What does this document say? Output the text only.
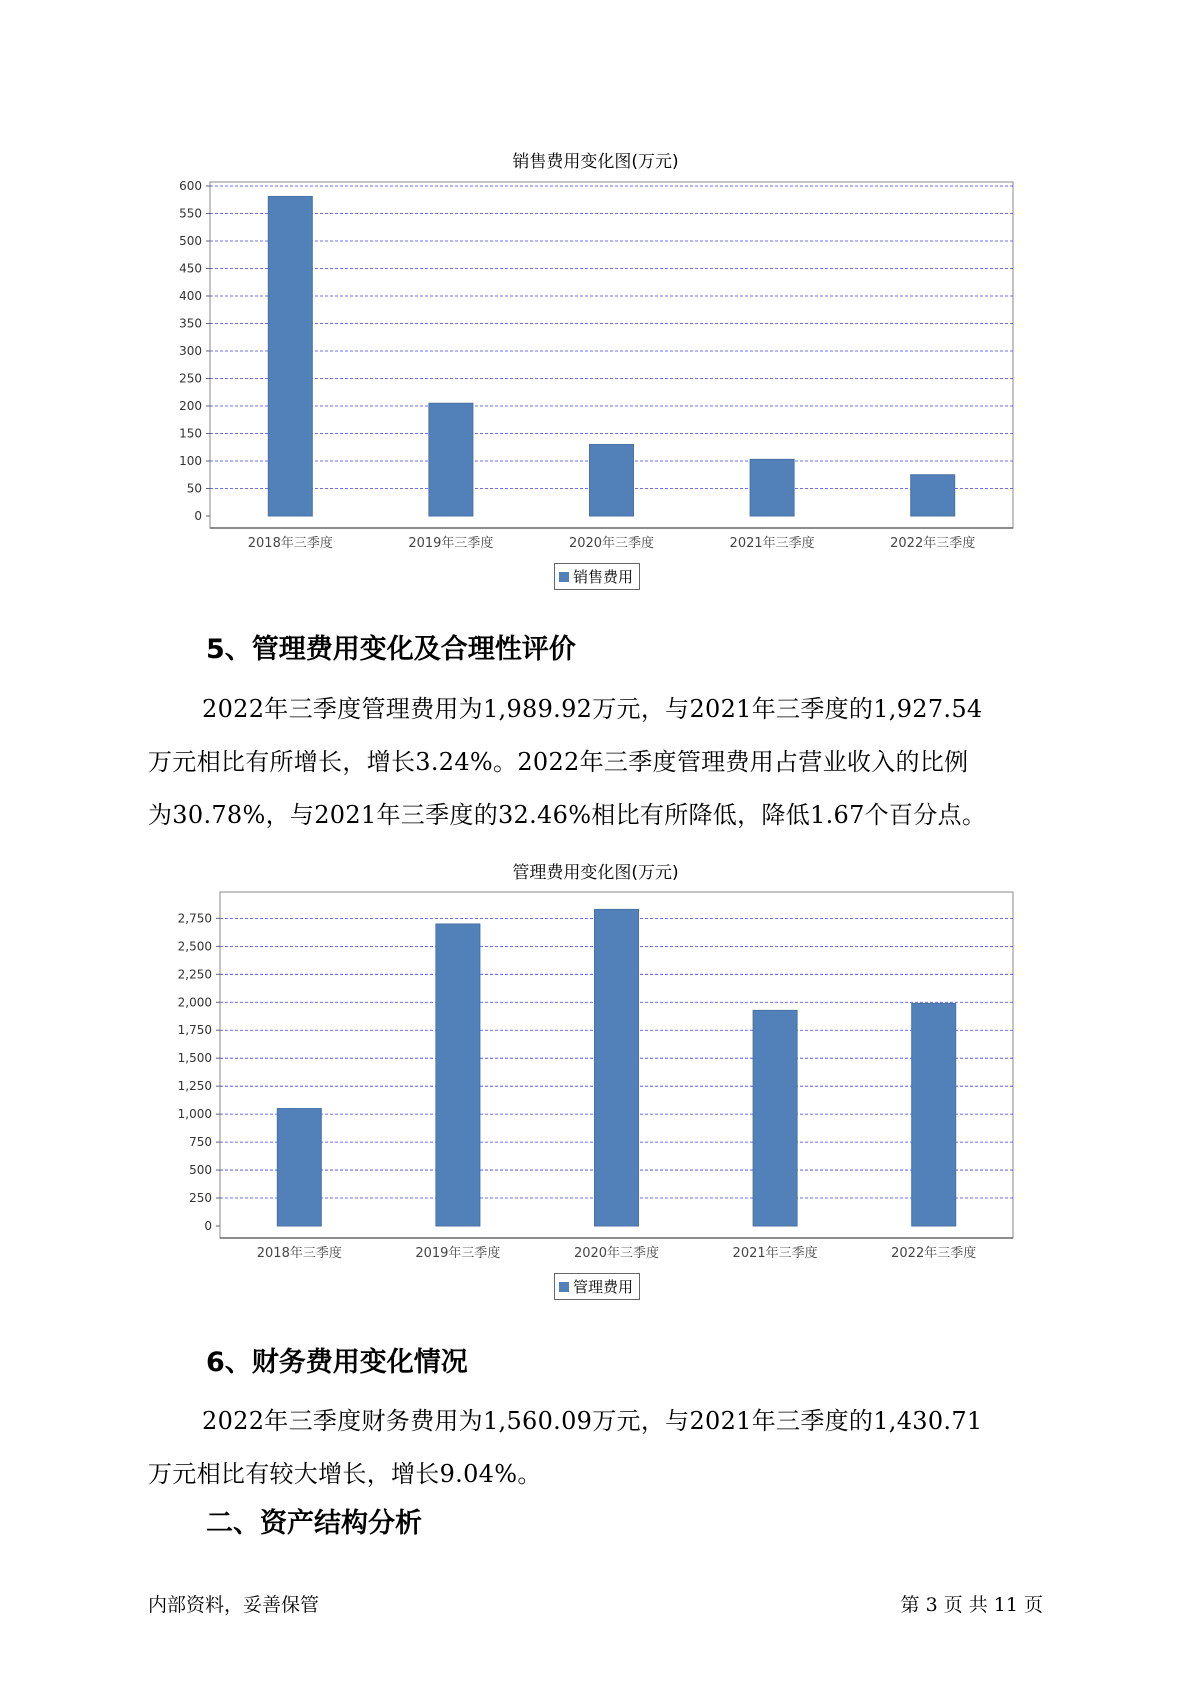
销售费用变化图(万元)
0
50
100
150
200
250
300
350
400
450
500
550
600
2018年三季度	2019年三季度	2020年三季度	2021年三季度	2022年三季度
销售费用
5、管理费用变化及合理性评价
2022年三季度管理费用为1,989.92万元，与2021年三季度的1,927.54
万元相比有所增长，增长3.24%。2022年三季度管理费用占营业收入的比例
为30.78%，与2021年三季度的32.46%相比有所降低，降低1.67个百分点。
管理费用变化图(万元)
0
250
500
750
1,000
1,250
1,500
1,750
2,000
2,250
2,500
2,750
2018年三季度	2019年三季度	2020年三季度	2021年三季度	2022年三季度
管理费用
6、财务费用变化情况
2022年三季度财务费用为1,560.09万元，与2021年三季度的1,430.71
万元相比有较大增长，增长9.04%。
二、资产结构分析
内部资料，妥善保管	第 3 页 共 11 页
